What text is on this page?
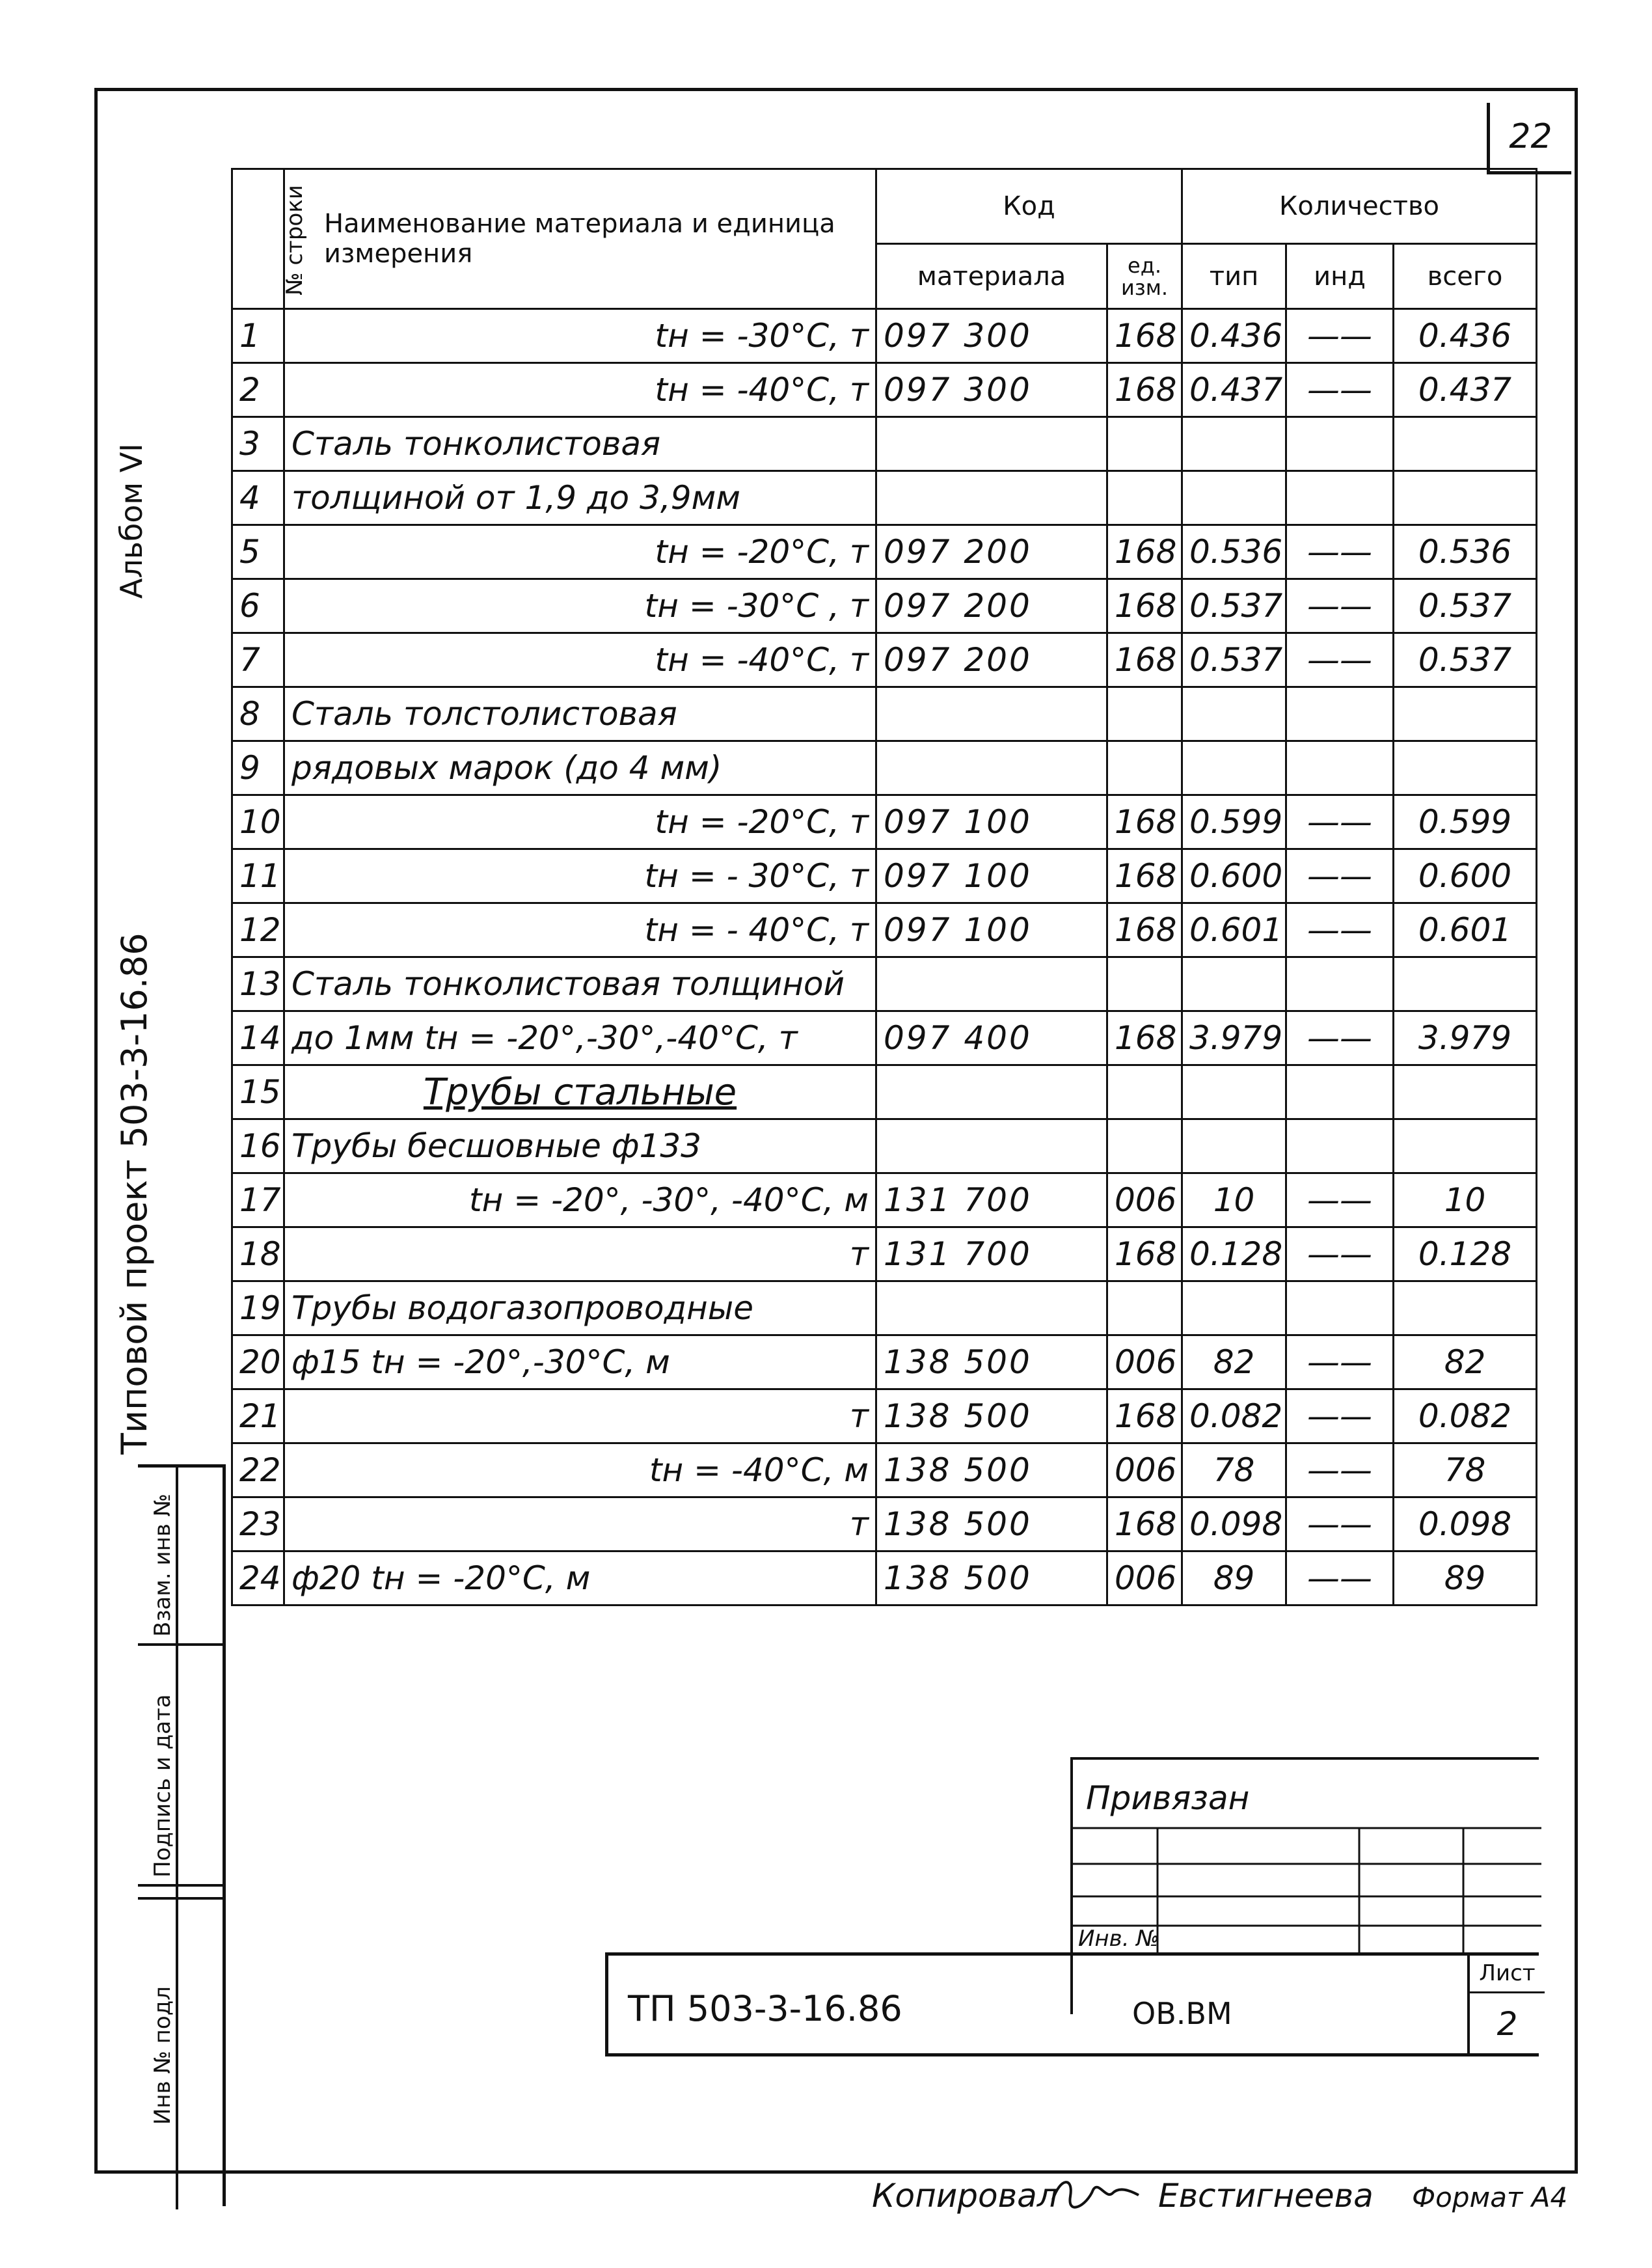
22
Альбом VI
Типовой проект 503-3-16.86
№ строки	Наименование материала и единица измерения	Код		Количество		
		материала	ед. изм.	тип	инд	всего
1	tн = -30°С, т	097 300	168	0.436	——	0.436
2	tн = -40°С, т	097 300	168	0.437	——	0.437
3	Сталь тонколистовая					
4	толщиной от 1,9 до 3,9мм					
5	tн = -20°С, т	097 200	168	0.536	——	0.536
6	tн = -30°С , т	097 200	168	0.537	——	0.537
7	tн = -40°С, т	097 200	168	0.537	——	0.537
8	Сталь толстолистовая					
9	рядовых марок (до 4 мм)					
10	tн = -20°С, т	097 100	168	0.599	——	0.599
11	tн = - 30°С, т	097 100	168	0.600	——	0.600
12	tн = - 40°С, т	097 100	168	0.601	——	0.601
13	Сталь тонколистовая толщиной					
14	до 1мм tн = -20°,-30°,-40°С, т	097 400	168	3.979	——	3.979
15	Трубы стальные					
16	Трубы бесшовные ф133					
17	tн = -20°, -30°, -40°С, м	131 700	006	10	——	10
18	т	131 700	168	0.128	——	0.128
19	Трубы водогазопроводные					
20	ф15 tн = -20°,-30°С, м	138 500	006	82	——	82
21	т	138 500	168	0.082	——	0.082
22	tн = -40°С, м	138 500	006	78	——	78
23	т	138 500	168	0.098	——	0.098
24	ф20 tн = -20°С, м	138 500	006	89	——	89
Взам. инв №
Подпись и дата
Инв № подл
Привязан
Инв. №
ТП 503-3-16.86	ОВ.ВМ
Лист
2
Копировал	Евстигнеева Формат А4
